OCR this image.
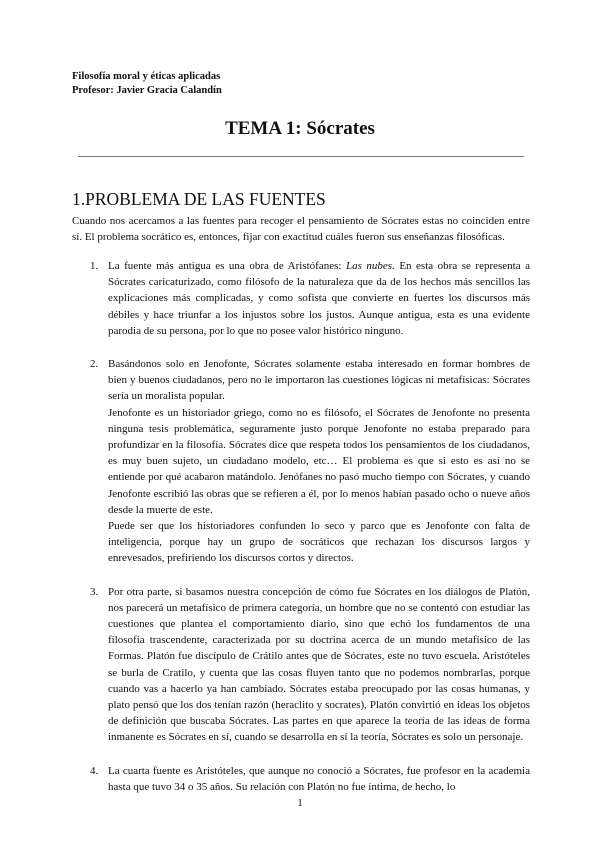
Filosofía moral y éticas aplicadas
Profesor: Javier Gracia Calandín
TEMA 1: Sócrates
1.PROBLEMA DE LAS FUENTES
Cuando nos acercamos a las fuentes para recoger el pensamiento de Sócrates estas no coinciden entre sí. El problema socrático es, entonces, fijar con exactitud cuáles fueron sus enseñanzas filosóficas.
1. La fuente más antigua es una obra de Aristófanes: Las nubes. En esta obra se representa a Sócrates caricaturizado, como filósofo de la naturaleza que da de los hechos más sencillos las explicaciones más complicadas, y como sofista que convierte en fuertes los discursos más débiles y hace triunfar a los injustos sobre los justos. Aunque antigua, esta es una evidente parodia de su persona, por lo que no posee valor histórico ninguno.

2. Basándonos solo en Jenofonte, Sócrates solamente estaba interesado en formar hombres de bien y buenos ciudadanos, pero no le importaron las cuestiones lógicas ni metafísicas: Sócrates sería un moralista popular.

Jenofonte es un historiador griego, como no es filósofo, el Sócrates de Jenofonte no presenta ninguna tesis problemática, seguramente justo porque Jenofonte no estaba preparado para profundizar en la filosofía. Sócrates dice que respeta todos los pensamientos de los ciudadanos, es muy buen sujeto, un ciudadano modelo, etc… El problema es que si esto es así no se entiende por qué acabaron matándolo. Jenófanes no pasó mucho tiempo con Sócrates, y cuando Jenofonte escribió las obras que se refieren a él, por lo menos habían pasado ocho o nueve años desde la muerte de este.

Puede ser que los historiadores confunden lo seco y parco que es Jenofonte con falta de inteligencia, porque hay un grupo de socráticos que rechazan los discursos largos y enrevesados, prefiriendo los discursos cortos y directos.

3. Por otra parte, si basamos nuestra concepción de cómo fue Sócrates en los diálogos de Platón, nos parecerá un metafísico de primera categoría, un hombre que no se contentó con estudiar las cuestiones que plantea el comportamiento diario, sino que echó los fundamentos de una filosofía trascendente, caracterizada por su doctrina acerca de un mundo metafísico de las Formas. Platón fue discípulo de Crátilo antes que de Sócrates, este no tuvo escuela. Aristóteles se burla de Cratilo, y cuenta que las cosas fluyen tanto que no podemos nombrarlas, porque cuando vas a hacerlo ya han cambiado. Sócrates estaba preocupado por las cosas humanas, y plato pensó que los dos tenían razón (heraclito y socrates), Platón convirtió en ideas los objetos de definición que buscaba Sócrates. Las partes en que aparece la teoría de las ideas de forma inmanente es Sócrates en sí, cuando se desarrolla en sí la teoría, Sócrates es solo un personaje.

4. La cuarta fuente es Aristóteles, que aunque no conoció a Sócrates, fue profesor en la academia hasta que tuvo 34 o 35 años. Su relación con Platón no fue íntima, de hecho, lo

1
